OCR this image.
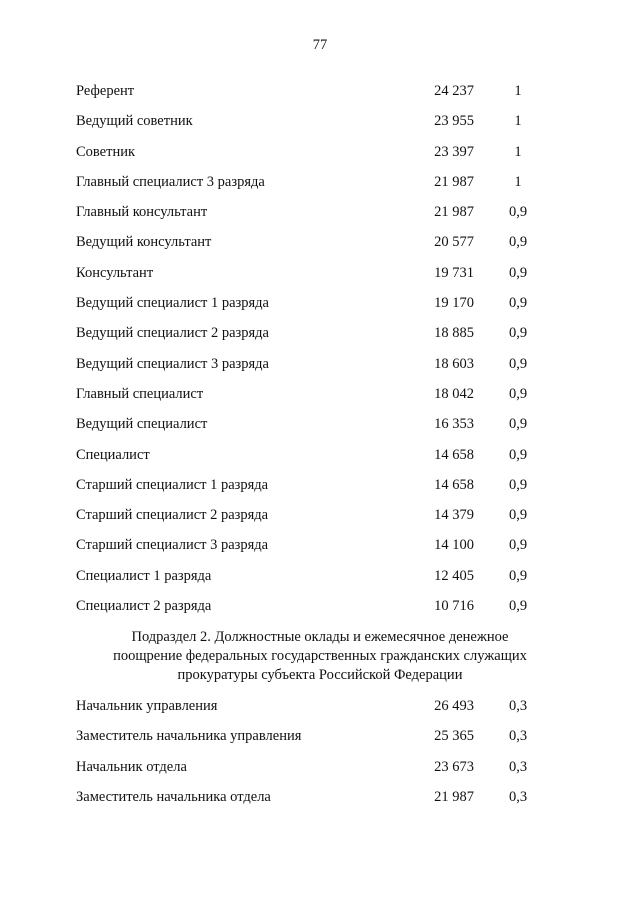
77
Референт	24 237	1
Ведущий советник	23 955	1
Советник	23 397	1
Главный специалист 3 разряда	21 987	1
Главный консультант	21 987	0,9
Ведущий консультант	20 577	0,9
Консультант	19 731	0,9
Ведущий специалист 1 разряда	19 170	0,9
Ведущий специалист 2 разряда	18 885	0,9
Ведущий специалист 3 разряда	18 603	0,9
Главный специалист	18 042	0,9
Ведущий специалист	16 353	0,9
Специалист	14 658	0,9
Старший специалист 1 разряда	14 658	0,9
Старший специалист 2 разряда	14 379	0,9
Старший специалист 3 разряда	14 100	0,9
Специалист 1 разряда	12 405	0,9
Специалист 2 разряда	10 716	0,9
Подраздел 2. Должностные оклады и ежемесячное денежное
поощрение федеральных государственных гражданских служащих
прокуратуры субъекта Российской Федерации
Начальник управления	26 493	0,3
Заместитель начальника управления	25 365	0,3
Начальник отдела	23 673	0,3
Заместитель начальника отдела	21 987	0,3
